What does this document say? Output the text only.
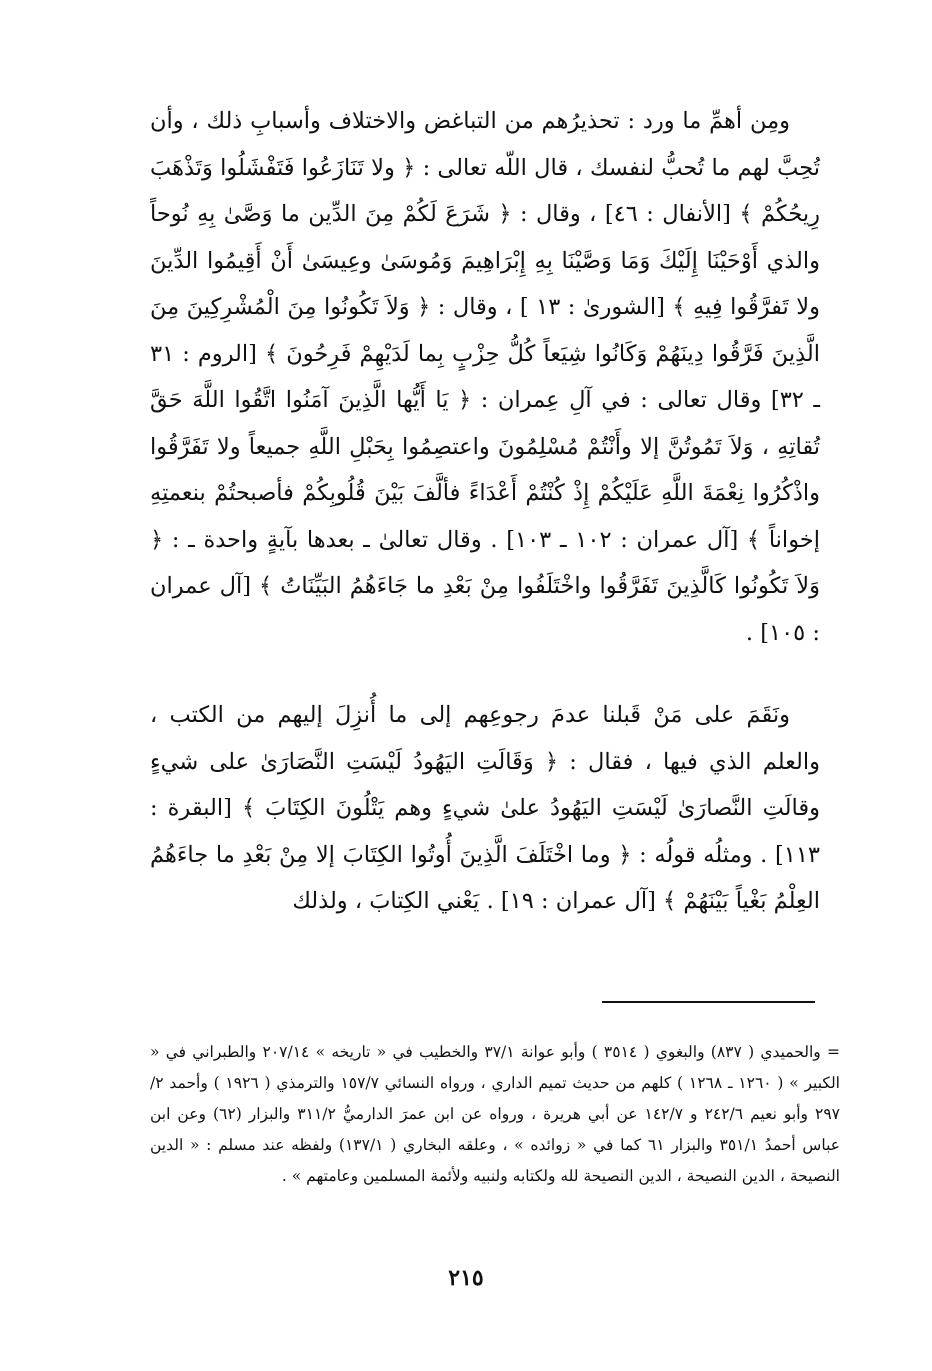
ومِن أهمِّ ما ورد : تحذيرُهم من التباغض والاختلاف وأسبابِ ذلك ، وأن تُحِبَّ لهم ما تُحبُّ لنفسك ، قال اللّه تعالى : ﴿ ولا تَنَازَعُوا فَتَفْشَلُوا وَتَذْهَبَ رِيحُكُمْ ﴾ [الأنفال : ٤٦] ، وقال : ﴿ شَرَعَ لَكُمْ مِنَ الدِّين ما وَصَّىٰ بِهِ نُوحاً والذي أَوْحَيْنَا إِلَيْكَ وَمَا وَصَّيْنَا بِهِ إِبْرَاهِيمَ وَمُوسَىٰ وعِيسَىٰ أَنْ أَقِيمُوا الدِّينَ ولا تَفرَّقُوا فِيهِ ﴾ [الشورىٰ : ١٣ ] ، وقال : ﴿ وَلاَ تَكُونُوا مِنَ الْمُشْرِكِينَ مِنَ الَّذِينَ فَرَّقُوا دِينَهُمْ وَكَانُوا شِيَعاً كُلُّ حِزْبٍ بِما لَدَيْهِمْ فَرِحُونَ ﴾ [الروم : ٣١ ـ ٣٢] وقال تعالى : في آلِ عِمران : ﴿ يَا أَيُّها الَّذِينَ آمَنُوا اتَّقُوا اللَّهَ حَقَّ تُقاتِهِ ، وَلاَ تَمُوتُنَّ إلا وأَنْتُمْ مُسْلِمُونَ واعتصِمُوا بِحَبْلِ اللَّهِ جميعاً ولا تَفَرَّقُوا واذْكُرُوا نِعْمَةَ اللَّهِ عَلَيْكُمْ إِذْ كُنْتُمْ أَعْدَاءً فألَّفَ بَيْنَ قُلُوبِكُمْ فأصبحتُمْ بنعمتِهِ إخواناً ﴾ [آل عمران : ١٠٢ ـ ١٠٣] . وقال تعالىٰ ـ بعدها بآيةٍ واحدة ـ : ﴿ وَلاَ تَكُونُوا كَالَّذِينَ تَفَرَّقُوا واخْتَلَفُوا مِنْ بَعْدِ ما جَاءَهُمُ البَيِّنَاتُ ﴾ [آل عمران : ١٠٥] .

ونَقَمَ على مَنْ قَبلنا عدمَ رجوعِهم إلى ما أُنزِلَ إليهم من الكتب ، والعلم الذي فيها ، فقال : ﴿ وَقَالَتِ اليَهُودُ لَيْسَتِ النَّصَارَىٰ على شيءٍ وقالَتِ النَّصارَىٰ لَيْسَتِ اليَهُودُ علىٰ شيءٍ وهم يَتْلُونَ الكِتَابَ ﴾ [البقرة : ١١٣] . ومثلُه قولُه : ﴿ وما اخْتَلَفَ الَّذِينَ أُوتُوا الكِتَابَ إلا مِنْ بَعْدِ ما جاءَهُمُ العِلْمُ بَغْياً بَيْنَهُمْ ﴾ [آل عمران : ١٩] . يَعْني الكِتابَ ، ولذلك

= والحميدي ( ٨٣٧) والبغوي ( ٣٥١٤ ) وأبو عوانة ٣٧/١ والخطيب في « تاريخه » ٢٠٧/١٤ والطبراني في « الكبير » ( ١٢٦٠ ـ ١٢٦٨ ) كلهم من حديث تميم الداري ، ورواه النسائي ١٥٧/٧ والترمذي ( ١٩٢٦ ) وأحمد ٢/ ٢٩٧ وأبو نعيم ٢٤٢/٦ و ١٤٢/٧ عن أبي هريرة ، ورواه عن ابن عمرَ الدارميُّ ٣١١/٢ والبزار (٦٢) وعن ابن عباس أحمدُ ٣٥١/١ والبزار ٦١ كما في « زوائده » ، وعلقه البخاري ( ١٣٧/١) ولفظه عند مسلم : « الدين النصيحة ، الدين النصيحة ، الدين النصيحة لله ولكتابه ولنبيه ولأئمة المسلمين وعامتهم » .

٢١٥
